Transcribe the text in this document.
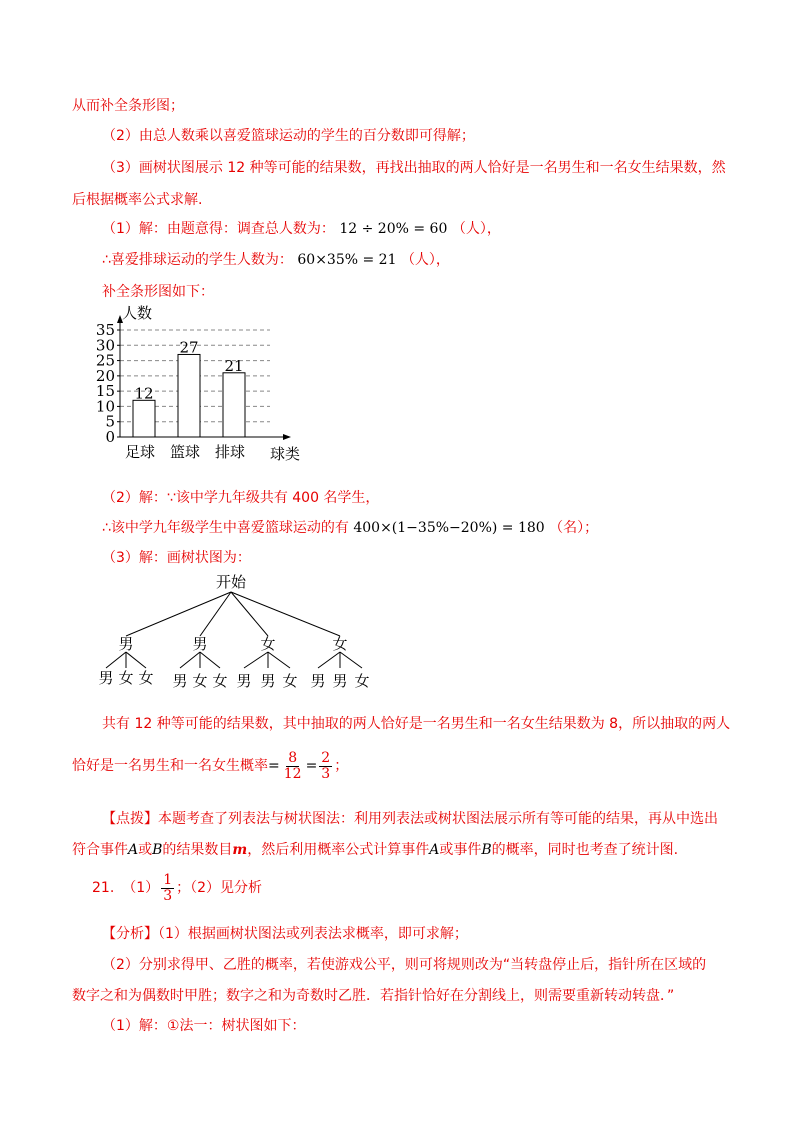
从而补全条形图；
（2）由总人数乘以喜爱篮球运动的学生的百分数即可得解；
（3）画树状图展示 12 种等可能的结果数，再找出抽取的两人恰好是一名男生和一名女生结果数，然
后根据概率公式求解.
（1）解：由题意得：调查总人数为： 12 ÷ 20% = 60 （人），
∴喜爱排球运动的学生人数为： 60×35% = 21 （人），
补全条形图如下：
0
5
10
15
20
25
30
35
人数
球类
12
足球
27
篮球
21
排球
（2）解：∵该中学九年级共有 400 名学生，
∴该中学九年级学生中喜爱篮球运动的有 400×(1−35%−20%) = 180 （名）；
（3）解：画树状图为：
开始
男	男	女	女
男 女 女 男 女 女 男 男 女 男 男 女
共有 12 种等可能的结果数，其中抽取的两人恰好是一名男生和一名女生结果数为 8，所以抽取的两人
恰好是一名男生和一名女生概率 = $\frac{8}{12} = \frac{2}{3}$ ；
【点拨】本题考查了列表法与树状图法：利用列表法或树状图法展示所有等可能的结果，再从中选出
符合事件A或B的结果数目m，然后利用概率公式计算事件A或事件B的概率，同时也考查了统计图.
21. $(1) \frac{1}{3}$ ；（2）见分析
【分析】（1）根据画树状图法或列表法求概率，即可求解；
（2）分别求得甲、乙胜的概率，若使游戏公平，则可将规则改为“当转盘停止后，指针所在区域的
数字之和为偶数时甲胜；数字之和为奇数时乙胜．若指针恰好在分割线上，则需要重新转动转盘．”
（1）解：①法一：树状图如下：
